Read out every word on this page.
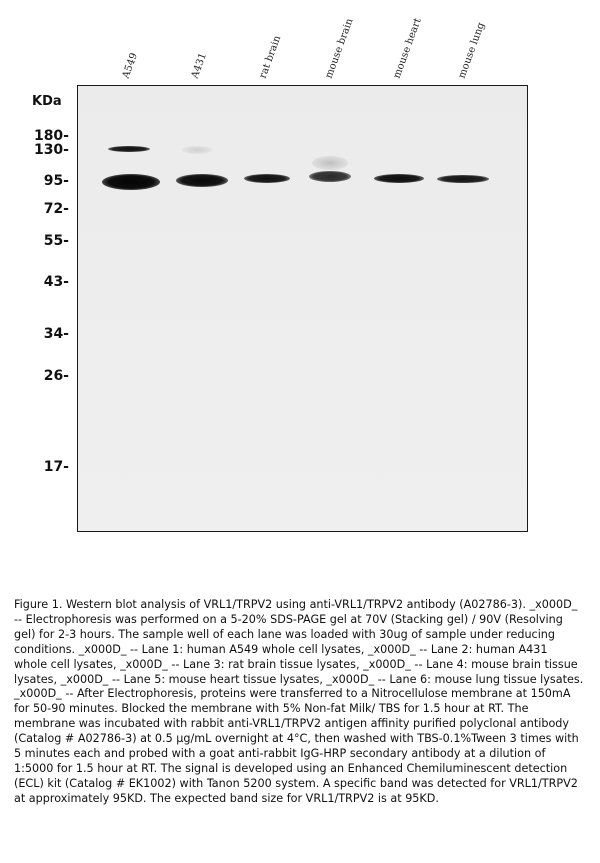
A549	A431	rat brain	mouse brain	mouse heart	mouse lung
KDa
180-
130-
95-
72-
55-
43-
34-
26-
17-
Figure 1. Western blot analysis of VRL1/TRPV2 using anti-VRL1/TRPV2 antibody (A02786-3). _x000D_ -- Electrophoresis was performed on a 5-20% SDS-PAGE gel at 70V (Stacking gel) / 90V (Resolving gel) for 2-3 hours. The sample well of each lane was loaded with 30ug of sample under reducing conditions. _x000D_ -- Lane 1: human A549 whole cell lysates, _x000D_ -- Lane 2: human A431 whole cell lysates, _x000D_ -- Lane 3: rat brain tissue lysates, _x000D_ -- Lane 4: mouse brain tissue lysates, _x000D_ -- Lane 5: mouse heart tissue lysates, _x000D_ -- Lane 6: mouse lung tissue lysates. _x000D_ -- After Electrophoresis, proteins were transferred to a Nitrocellulose membrane at 150mA for 50-90 minutes. Blocked the membrane with 5% Non-fat Milk/ TBS for 1.5 hour at RT. The membrane was incubated with rabbit anti-VRL1/TRPV2 antigen affinity purified polyclonal antibody (Catalog # A02786-3) at 0.5 μg/mL overnight at 4°C, then washed with TBS-0.1%Tween 3 times with 5 minutes each and probed with a goat anti-rabbit IgG-HRP secondary antibody at a dilution of 1:5000 for 1.5 hour at RT. The signal is developed using an Enhanced Chemiluminescent detection (ECL) kit (Catalog # EK1002) with Tanon 5200 system. A specific band was detected for VRL1/TRPV2 at approximately 95KD. The expected band size for VRL1/TRPV2 is at 95KD.
